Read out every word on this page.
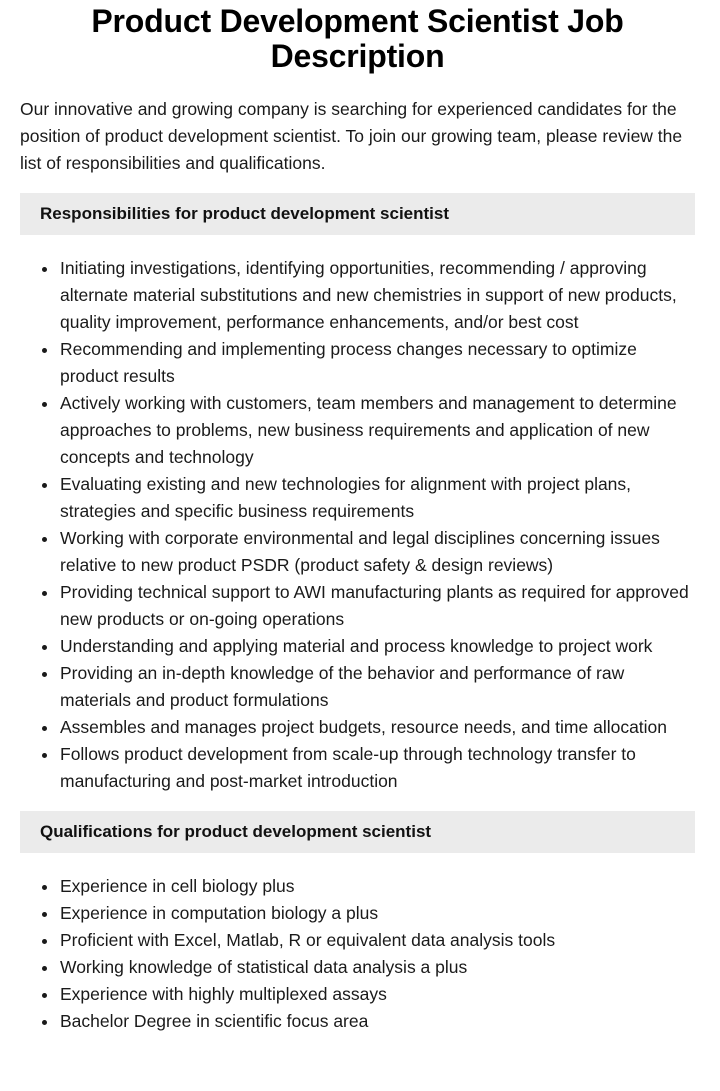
Product Development Scientist Job Description

Our innovative and growing company is searching for experienced candidates for the position of product development scientist. To join our growing team, please review the list of responsibilities and qualifications.

Responsibilities for product development scientist
Initiating investigations, identifying opportunities, recommending / approving alternate material substitutions and new chemistries in support of new products, quality improvement, performance enhancements, and/or best cost
Recommending and implementing process changes necessary to optimize product results
Actively working with customers, team members and management to determine approaches to problems, new business requirements and application of new concepts and technology
Evaluating existing and new technologies for alignment with project plans, strategies and specific business requirements
Working with corporate environmental and legal disciplines concerning issues relative to new product PSDR (product safety & design reviews)
Providing technical support to AWI manufacturing plants as required for approved new products or on-going operations
Understanding and applying material and process knowledge to project work
Providing an in-depth knowledge of the behavior and performance of raw materials and product formulations
Assembles and manages project budgets, resource needs, and time allocation
Follows product development from scale-up through technology transfer to manufacturing and post-market introduction
Qualifications for product development scientist
Experience in cell biology plus
Experience in computation biology a plus
Proficient with Excel, Matlab, R or equivalent data analysis tools
Working knowledge of statistical data analysis a plus
Experience with highly multiplexed assays
Bachelor Degree in scientific focus area
